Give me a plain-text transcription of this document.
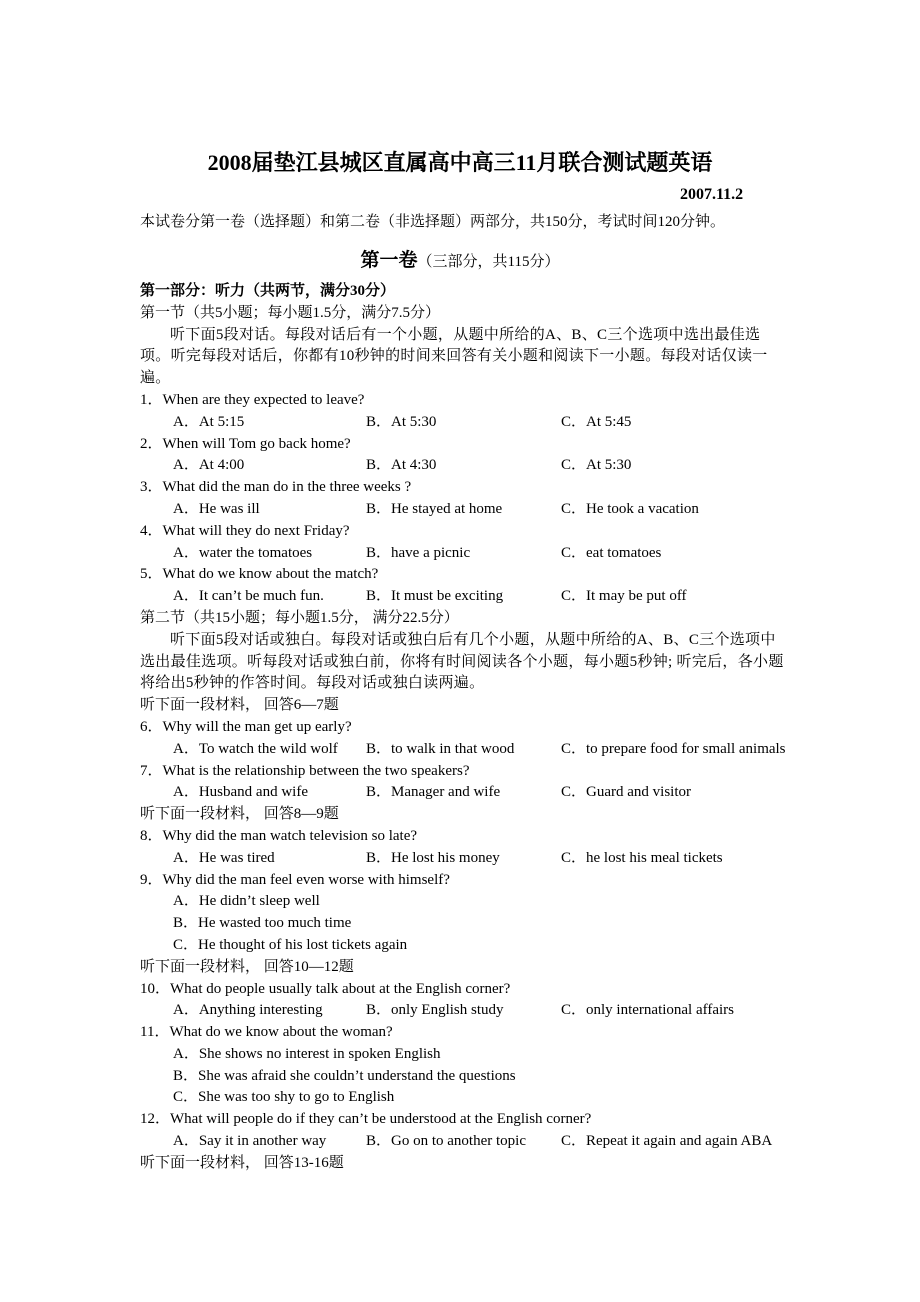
2008届垫江县城区直属高中高三11月联合测试题英语
2007.11.2
本试卷分第一卷（选择题）和第二卷（非选择题）两部分，共150分，考试时间120分钟。
第一卷（三部分，共115分）
第一部分：听力（共两节，满分30分）
第一节（共5小题；每小题1.5分，满分7.5分）
听下面5段对话。每段对话后有一个小题，从题中所给的A、B、C三个选项中选出最佳选项。听完每段对话后，你都有10秒钟的时间来回答有关小题和阅读下一小题。每段对话仅读一遍。
1．When are they expected to leave?
A．At 5:15	B．At 5:30	C．At 5:45
2．When will Tom go back home?
A．At 4:00	B．At 4:30	C．At 5:30
3．What did the man do in the three weeks ?
A．He was ill	B．He stayed at home	C．He took a vacation
4．What will they do next Friday?
A．water the tomatoes	B．have a picnic	C．eat tomatoes
5．What do we know about the match?
A．It can’t be much fun.	B．It must be exciting	C．It may be put off
第二节（共15小题；每小题1.5分， 满分22.5分）
听下面5段对话或独白。每段对话或独白后有几个小题，从题中所给的A、B、C三个选项中选出最佳选项。听每段对话或独白前，你将有时间阅读各个小题，每小题5秒钟; 听完后，各小题将给出5秒钟的作答时间。每段对话或独白读两遍。
听下面一段材料， 回答6—7题
6．Why will the man get up early?
A．To watch the wild wolf B．to walk in that wood	C．to prepare food for small animals
7．What is the relationship between the two speakers?
A．Husband and wife	B．Manager and wife	C．Guard and visitor
听下面一段材料， 回答8—9题
8．Why did the man watch television so late?
A．He was tired	B．He lost his money	C．he lost his meal tickets
9．Why did the man feel even worse with himself?
A．He didn’t sleep well
B．He wasted too much time
C．He thought of his lost tickets again
听下面一段材料， 回答10—12题
10．What do people usually talk about at the English corner?
A．Anything interesting	B．only English study	C．only international affairs
11．What do we know about the woman?
A．She shows no interest in spoken English
B．She was afraid she couldn’t understand the questions
C．She was too shy to go to English
12．What will people do if they can’t be understood at the English corner?
A．Say it in another way	B．Go on to another topic C．Repeat it again and again ABA
听下面一段材料， 回答13-16题
